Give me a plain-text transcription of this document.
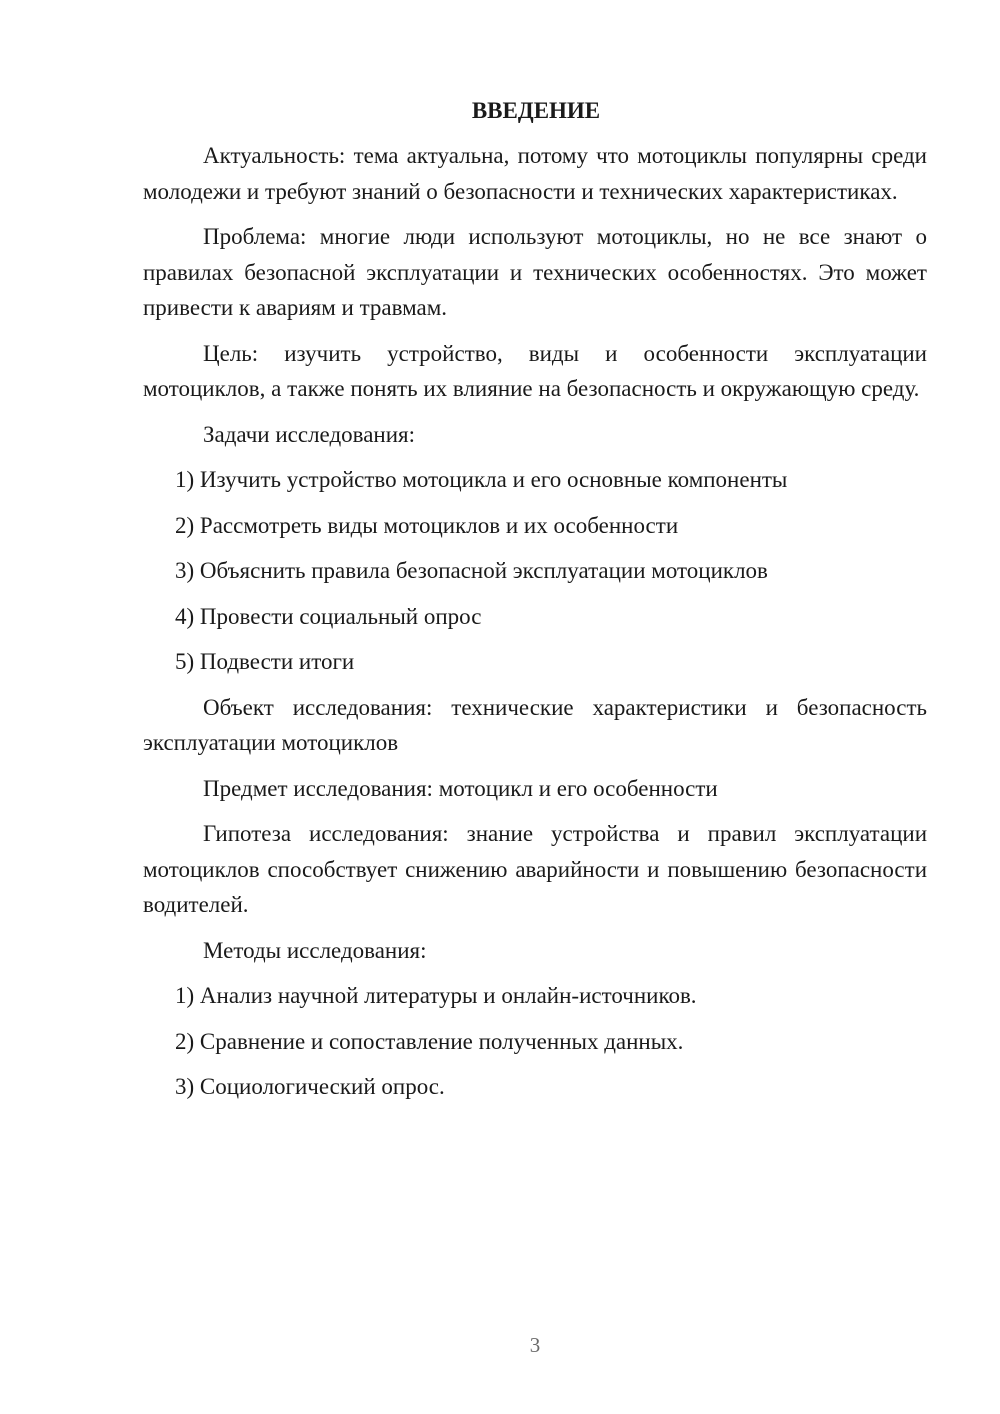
ВВЕДЕНИЕ

Актуальность: тема актуальна, потому что мотоциклы популярны среди молодежи и требуют знаний о безопасности и технических характеристиках.

Проблема: многие люди используют мотоциклы, но не все знают о правилах безопасной эксплуатации и технических особенностях. Это может привести к авариям и травмам.

Цель: изучить устройство, виды и особенности эксплуатации мотоциклов, а также понять их влияние на безопасность и окружающую среду.

Задачи исследования:

1) Изучить устройство мотоцикла и его основные компоненты
2) Рассмотреть виды мотоциклов и их особенности
3) Объяснить правила безопасной эксплуатации мотоциклов
4) Провести социальный опрос
5) Подвести итоги

Объект исследования: технические характеристики и безопасность эксплуатации мотоциклов

Предмет исследования: мотоцикл и его особенности

Гипотеза исследования: знание устройства и правил эксплуатации мотоциклов способствует снижению аварийности и повышению безопасности водителей.

Методы исследования:

1) Анализ научной литературы и онлайн-источников.
2) Сравнение и сопоставление полученных данных.
3) Социологический опрос.
3
